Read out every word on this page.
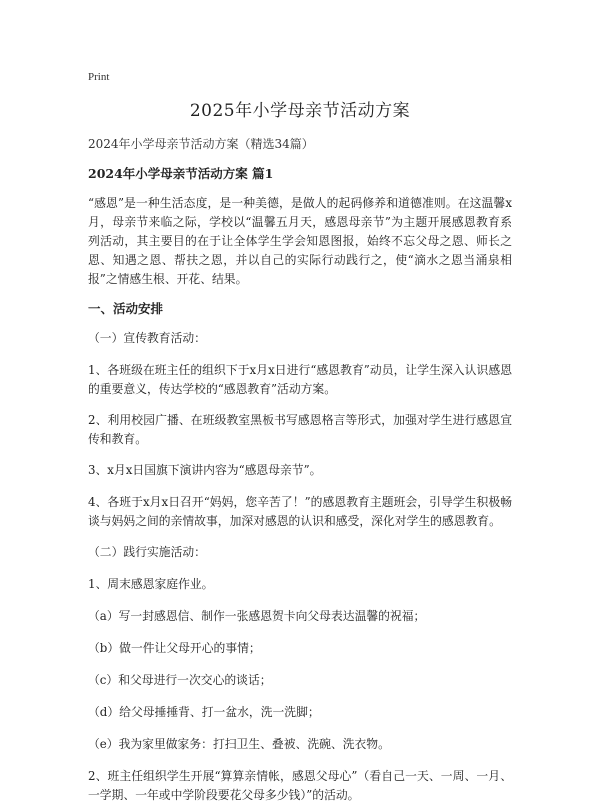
Print

2025年小学母亲节活动方案

2024年小学母亲节活动方案（精选34篇）

2024年小学母亲节活动方案 篇1

“感恩”是一种生活态度，是一种美德，是做人的起码修养和道德准则。在这温馨x月，母亲节来临之际，学校以“温馨五月天，感恩母亲节”为主题开展感恩教育系列活动，其主要目的在于让全体学生学会知恩图报，始终不忘父母之恩、师长之恩、知遇之恩、帮扶之恩，并以自己的实际行动践行之，使“滴水之恩当涌泉相报”之情感生根、开花、结果。

一、活动安排

（一）宣传教育活动：

1、各班级在班主任的组织下于x月x日进行“感恩教育”动员，让学生深入认识感恩的重要意义，传达学校的“感恩教育”活动方案。

2、利用校园广播、在班级教室黑板书写感恩格言等形式，加强对学生进行感恩宣传和教育。

3、x月x日国旗下演讲内容为“感恩母亲节”。

4、各班于x月x日召开“妈妈，您辛苦了！”的感恩教育主题班会，引导学生积极畅谈与妈妈之间的亲情故事，加深对感恩的认识和感受，深化对学生的感恩教育。

（二）践行实施活动：

1、周末感恩家庭作业。

（a）写一封感恩信、制作一张感恩贺卡向父母表达温馨的祝福；

（b）做一件让父母开心的事情；

（c）和父母进行一次交心的谈话；

（d）给父母捶捶背、打一盆水，洗一洗脚；

（e）我为家里做家务：打扫卫生、叠被、洗碗、洗衣物。

2、班主任组织学生开展“算算亲情帐，感恩父母心”（看自己一天、一周、一月、一学期、一年或中学阶段要花父母多少钱）”的活动。
